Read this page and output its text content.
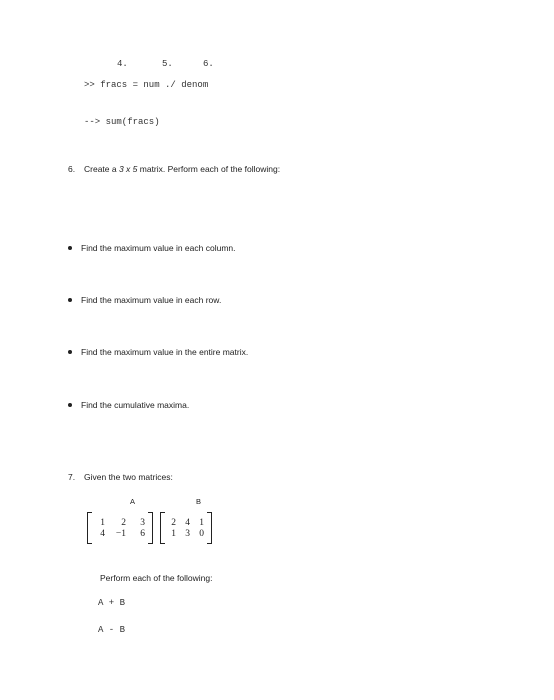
4.	5.	6.
>> fracs = num ./ denom
--> sum(fracs)
6. Create a 3 x 5 matrix. Perform each of the following:
Find the maximum value in each column.
Find the maximum value in each row.
Find the maximum value in the entire matrix.
Find the cumulative maxima.
7. Given the two matrices:
A	B
1	2	3
4 −1	6
2 4 1
1 3 0
Perform each of the following:
A + B
A - B
